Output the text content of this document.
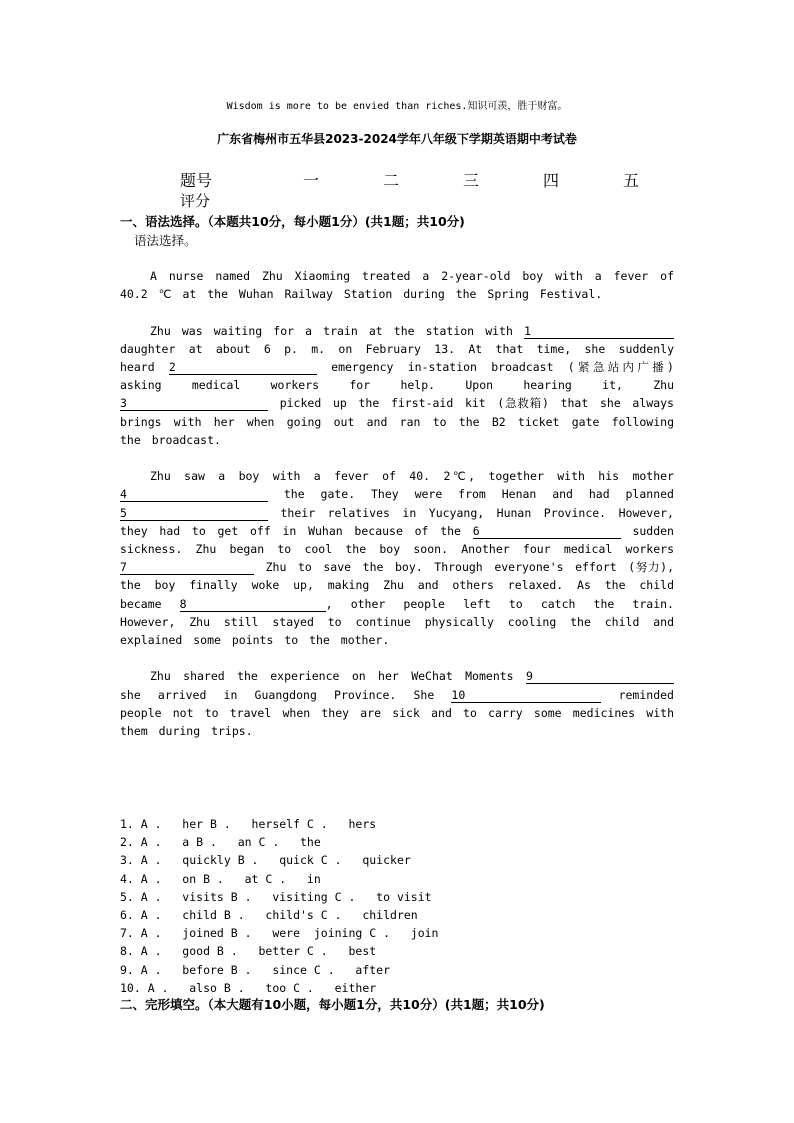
Wisdom is more to be envied than riches.知识可羡，胜于财富。
广东省梅州市五华县2023-2024学年八年级下学期英语期中考试卷
题号	一	二	三	四	五
评分
一、语法选择。（本题共10分，每小题1分）(共1题；共10分)
语法选择。

A nurse named Zhu Xiaoming treated a 2-year-old boy with a fever of 40.2 ℃ at the Wuhan Railway Station during the Spring Festival.

Zhu was waiting for a train at the station with 1 daughter at about 6 p. m. on February 13. At that time, she suddenly heard 2	emergency in-station broadcast (紧急站内广播) asking medical workers for help. Upon hearing it, Zhu 3	picked up the first-aid kit (急救箱) that she always brings with her when going out and ran to the B2 ticket gate following the broadcast.

Zhu saw a boy with a fever of 40. 2℃, together with his mother 4	the gate. They were from Henan and had planned 5	their relatives in Yucyang, Hunan Province. However, they had to get off in Wuhan because of the 6	sudden sickness. Zhu began to cool the boy soon. Another four medical workers 7	Zhu to save the boy. Through everyone's effort (努力), the boy finally woke up, making Zhu and others relaxed. As the child became 8	, other people left to catch the train. However, Zhu still stayed to continue physically cooling the child and explained some points to the mother.

Zhu shared the experience on her WeChat Moments 9 she arrived in Guangdong Province. She 10	reminded people not to travel when they are sick and to carry some medicines with them during trips.

1. A .   her B .   herself C .   hers
2. A .   a B .   an C .   the
3. A .   quickly B .   quick C .   quicker
4. A .   on B .   at C .   in
5. A .   visits B .   visiting C .   to visit
6. A .   child B .   child's C .   children
7. A .   joined B .   were  joining C .   join
8. A .   good B .   better C .   best
9. A .   before B .   since C .   after
10. A .   also B .   too C .   either
二、完形填空。（本大题有10小题，每小题1分，共10分）(共1题；共10分)
